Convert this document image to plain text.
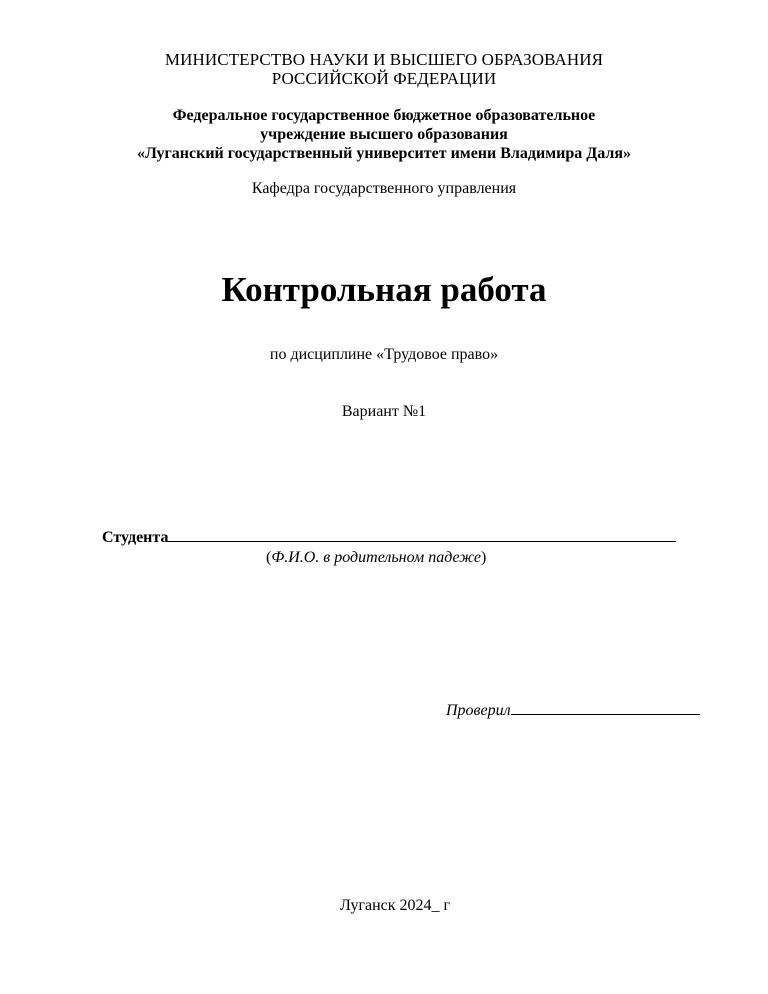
МИНИСТЕРСТВО НАУКИ И ВЫСШЕГО ОБРАЗОВАНИЯ
РОССИЙСКОЙ ФЕДЕРАЦИИ
Федеральное государственное бюджетное образовательное
учреждение высшего образования
«Луганский государственный университет имени Владимира Даля»
Кафедра государственного управления
Контрольная работа
по дисциплине «Трудовое право»
Вариант №1
Студента
(Ф.И.О. в родительном падеже)
Проверил
Луганск 2024_ г
